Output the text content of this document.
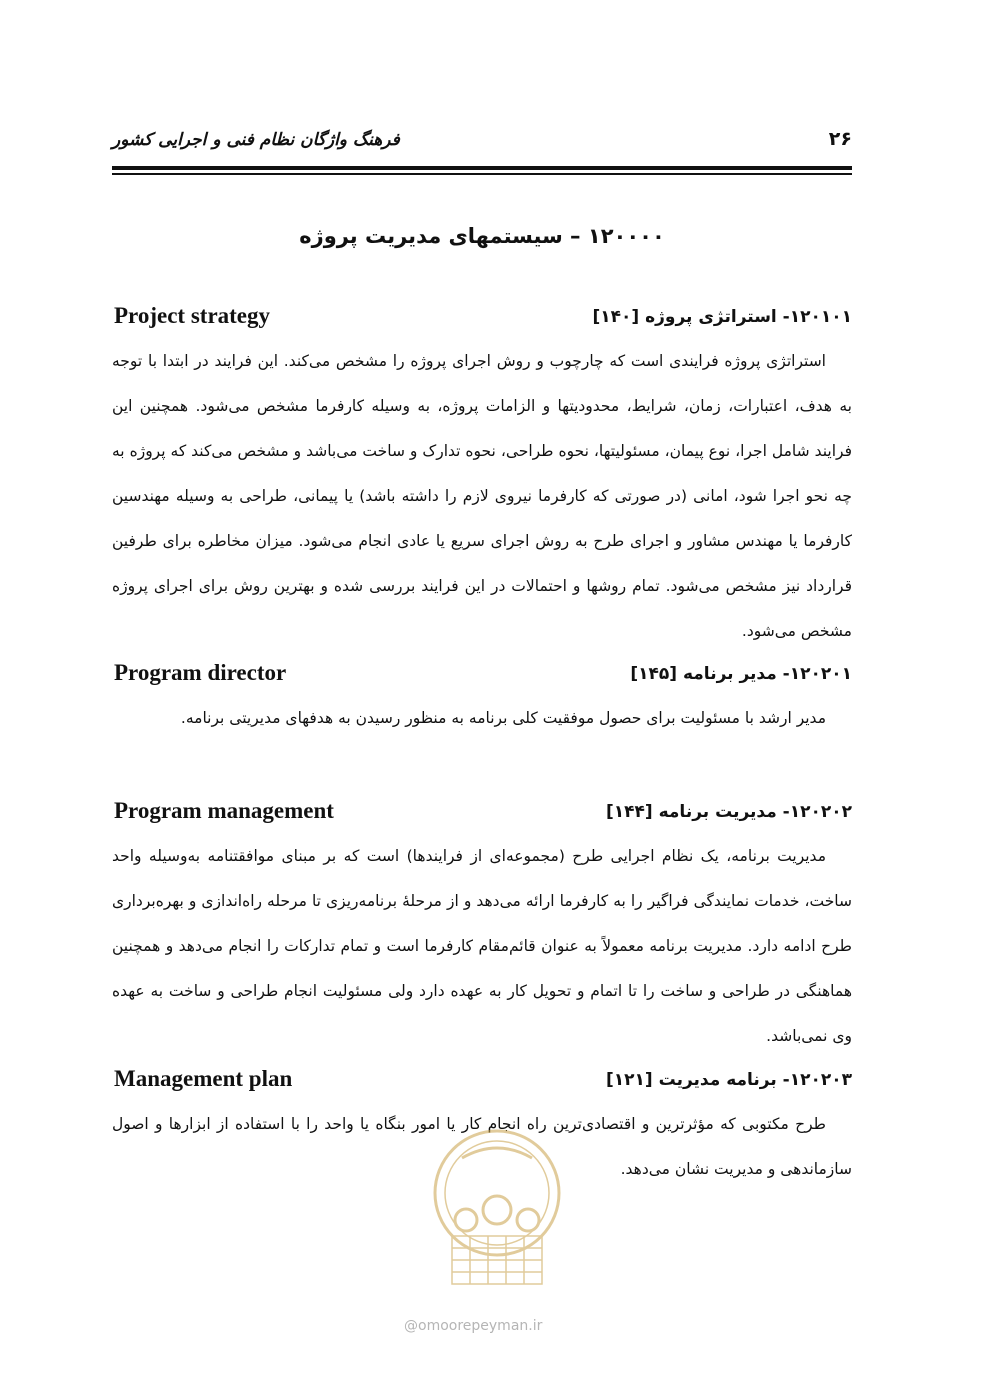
فرهنگ واژگان نظام فنی و اجرایی کشور	۲۶
۱۲۰۰۰۰ – سیستمهای مدیریت پروژه
۱۲۰۱۰۱- استراتژی پروژه [۱۴۰]
Project strategy

استراتژی پروژه فرایندی است که چارچوب و روش اجرای پروژه را مشخص می‌کند. این فرایند در ابتدا با توجه به هدف، اعتبارات، زمان، شرایط، محدودیتها و الزامات پروژه، به وسیله کارفرما مشخص می‌شود. همچنین این فرایند شامل اجرا، نوع پیمان، مسئولیتها، نحوه طراحی، نحوه تدارک و ساخت می‌باشد و مشخص می‌کند که پروژه به چه نحو اجرا شود، امانی (در صورتی که کارفرما نیروی لازم را داشته باشد) یا پیمانی، طراحی به وسیله مهندسین کارفرما یا مهندس مشاور و اجرای طرح به روش اجرای سریع یا عادی انجام می‌شود. میزان مخاطره برای طرفین قرارداد نیز مشخص می‌شود. تمام روشها و احتمالات در این فرایند بررسی شده و بهترین روش برای اجرای پروژه مشخص می‌شود.

۱۲۰۲۰۱- مدیر برنامه [۱۴۵]
Program director

مدیر ارشد با مسئولیت برای حصول موفقیت کلی برنامه به منظور رسیدن به هدفهای مدیریتی برنامه.

۱۲۰۲۰۲- مدیریت برنامه [۱۴۴]
Program management

مدیریت برنامه، یک نظام اجرایی طرح (مجموعه‌ای از فرایندها) است که بر مبنای موافقتنامه به‌وسیله واحد ساخت، خدمات نمایندگی فراگیر را به کارفرما ارائه می‌دهد و از مرحلهٔ برنامه‌ریزی تا مرحله راه‌اندازی و بهره‌برداری طرح ادامه دارد. مدیریت برنامه معمولاً به عنوان قائم‌مقام کارفرما است و تمام تدارکات را انجام می‌دهد و همچنین هماهنگی در طراحی و ساخت را تا اتمام و تحویل کار به عهده دارد ولی مسئولیت انجام طراحی و ساخت به عهده وی نمی‌باشد.

۱۲۰۲۰۳- برنامه مدیریت [۱۲۱]
Management plan

طرح مکتوبی که مؤثرترین و اقتصادی‌ترین راه انجام کار یا امور بنگاه یا واحد را با استفاده از ابزارها و اصول سازماندهی و مدیریت نشان می‌دهد.

@omoorepeyman.ir
